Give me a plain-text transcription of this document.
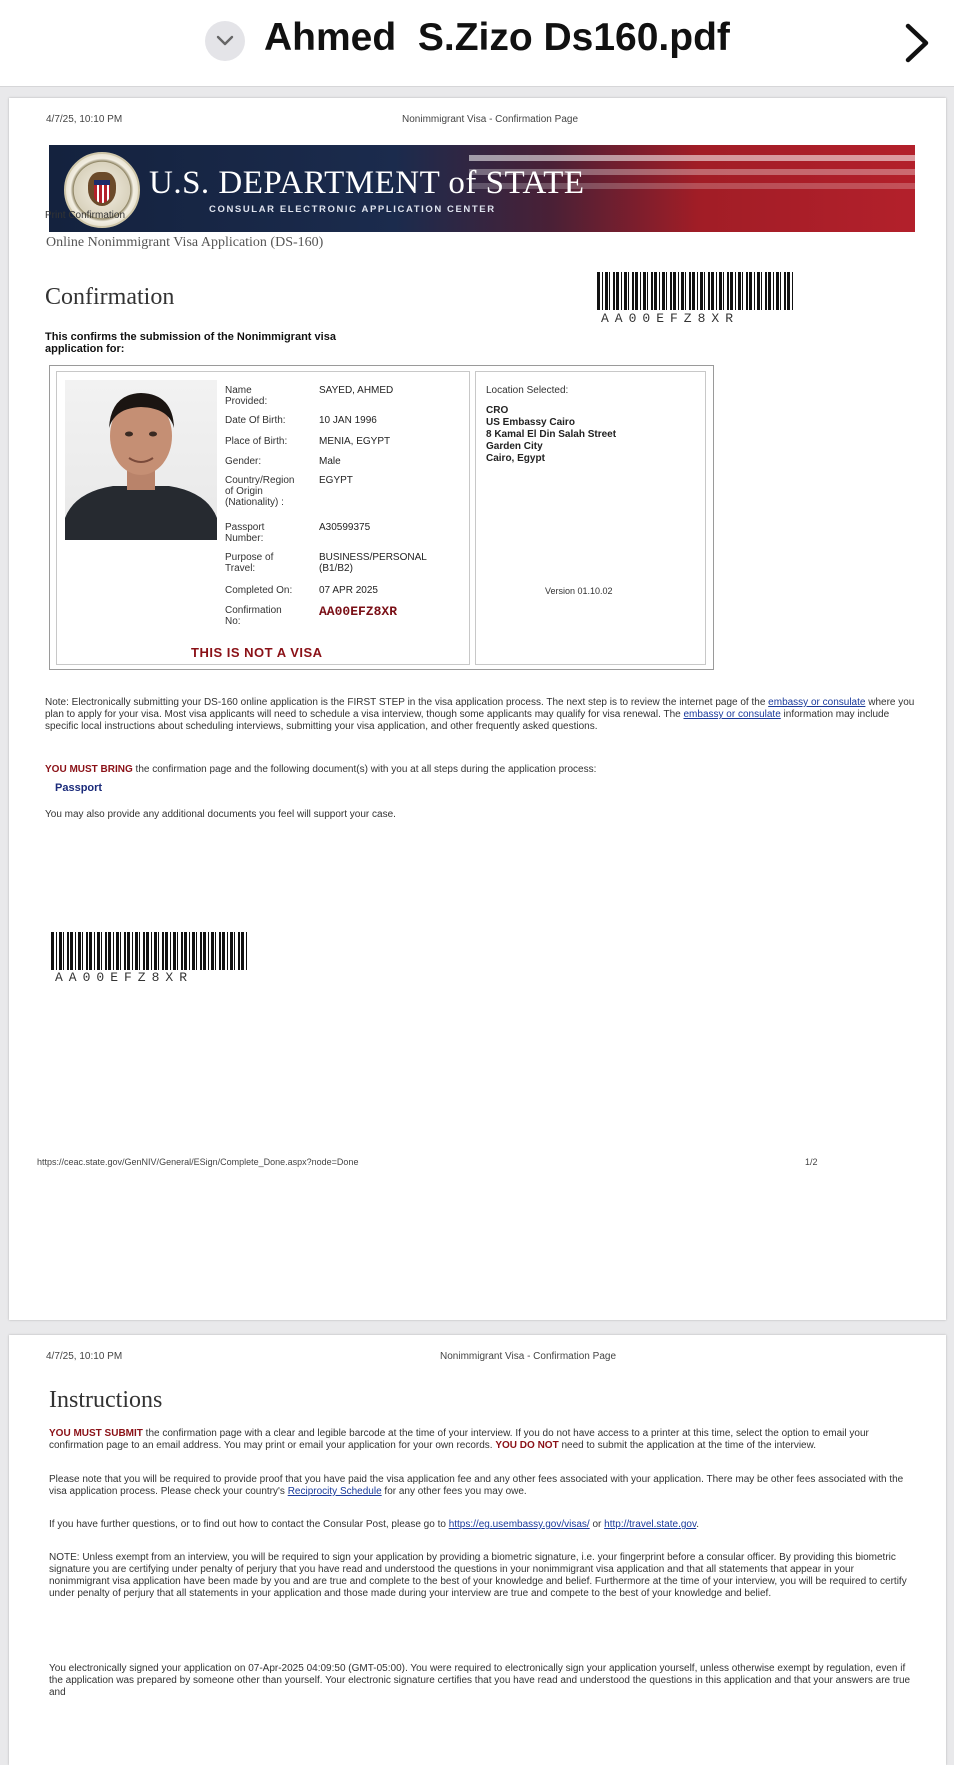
Ahmed  S.Zizo Ds160.pdf
4/7/25, 10:10 PM	Nonimmigrant Visa - Confirmation Page
U.S. DEPARTMENT of STATE
CONSULAR ELECTRONIC APPLICATION CENTER
Print Confirmation
Online Nonimmigrant Visa Application (DS-160)
Confirmation
AA00EFZ8XR
This confirms the submission of the Nonimmigrant visa
application for:
Name
Provided:
SAYED, AHMED
Date Of Birth:	10 JAN 1996
Place of Birth:	MENIA, EGYPT
Gender:	Male
Country/Region
of Origin
(Nationality) :
EGYPT
Passport
Number:
A30599375
Purpose of
Travel:
BUSINESS/PERSONAL
(B1/B2)
Completed On:	07 APR 2025
Confirmation
No:
AA00EFZ8XR
THIS IS NOT A VISA
Location Selected:
CRO
US Embassy Cairo
8 Kamal El Din Salah Street
Garden City
Cairo, Egypt
Version 01.10.02
Note: Electronically submitting your DS-160 online application is the FIRST STEP in the visa application process. The next step is to review the internet page of the embassy or consulate where you plan to apply for your visa. Most visa applicants will need to schedule a visa interview, though some applicants may qualify for visa renewal. The embassy or consulate information may include specific local instructions about scheduling interviews, submitting your visa application, and other frequently asked questions.
YOU MUST BRING the confirmation page and the following document(s) with you at all steps during the application process:
Passport
You may also provide any additional documents you feel will support your case.
AA00EFZ8XR
https://ceac.state.gov/GenNIV/General/ESign/Complete_Done.aspx?node=Done	1/2
4/7/25, 10:10 PM	Nonimmigrant Visa - Confirmation Page
Instructions
YOU MUST SUBMIT the confirmation page with a clear and legible barcode at the time of your interview. If you do not have access to a printer at this time, select the option to email your confirmation page to an email address. You may print or email your application for your own records. YOU DO NOT need to submit the application at the time of the interview.
Please note that you will be required to provide proof that you have paid the visa application fee and any other fees associated with your application. There may be other fees associated with the visa application process. Please check your country's Reciprocity Schedule for any other fees you may owe.
If you have further questions, or to find out how to contact the Consular Post, please go to https://eg.usembassy.gov/visas/ or http://travel.state.gov.
NOTE: Unless exempt from an interview, you will be required to sign your application by providing a biometric signature, i.e. your fingerprint before a consular officer. By providing this biometric signature you are certifying under penalty of perjury that you have read and understood the questions in your nonimmigrant visa application and that all statements that appear in your nonimmigrant visa application have been made by you and are true and complete to the best of your knowledge and belief. Furthermore at the time of your interview, you will be required to certify under penalty of perjury that all statements in your application and those made during your interview are true and compete to the best of your knowledge and belief.
You electronically signed your application on 07-Apr-2025 04:09:50 (GMT-05:00). You were required to electronically sign your application yourself, unless otherwise exempt by regulation, even if the application was prepared by someone other than yourself. Your electronic signature certifies that you have read and understood the questions in this application and that your answers are true and
